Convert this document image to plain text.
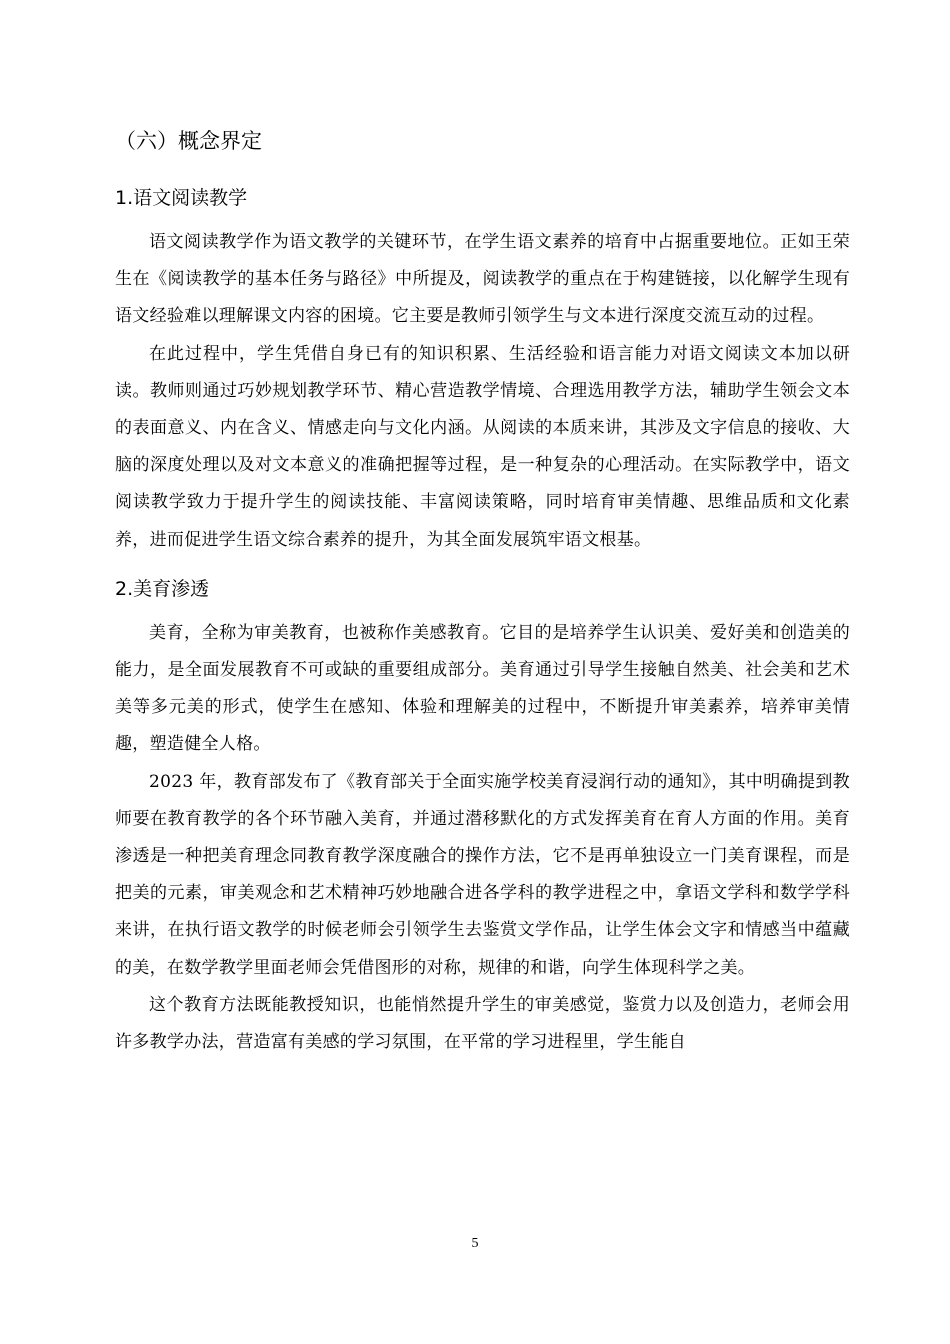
（六）概念界定
1.语文阅读教学

语文阅读教学作为语文教学的关键环节，在学生语文素养的培育中占据重要地位。正如王荣生在《阅读教学的基本任务与路径》中所提及，阅读教学的重点在于构建链接，以化解学生现有语文经验难以理解课文内容的困境。它主要是教师引领学生与文本进行深度交流互动的过程。

在此过程中，学生凭借自身已有的知识积累、生活经验和语言能力对语文阅读文本加以研读。教师则通过巧妙规划教学环节、精心营造教学情境、合理选用教学方法，辅助学生领会文本的表面意义、内在含义、情感走向与文化内涵。从阅读的本质来讲，其涉及文字信息的接收、大脑的深度处理以及对文本意义的准确把握等过程，是一种复杂的心理活动。在实际教学中，语文阅读教学致力于提升学生的阅读技能、丰富阅读策略，同时培育审美情趣、思维品质和文化素养，进而促进学生语文综合素养的提升，为其全面发展筑牢语文根基。

2.美育渗透

美育，全称为审美教育，也被称作美感教育。它目的是培养学生认识美、爱好美和创造美的能力，是全面发展教育不可或缺的重要组成部分。美育通过引导学生接触自然美、社会美和艺术美等多元美的形式，使学生在感知、体验和理解美的过程中，不断提升审美素养，培养审美情趣，塑造健全人格。

2023 年，教育部发布了《教育部关于全面实施学校美育浸润行动的通知》，其中明确提到教师要在教育教学的各个环节融入美育，并通过潜移默化的方式发挥美育在育人方面的作用。美育渗透是一种把美育理念同教育教学深度融合的操作方法，它不是再单独设立一门美育课程，而是把美的元素，审美观念和艺术精神巧妙地融合进各学科的教学进程之中，拿语文学科和数学学科来讲，在执行语文教学的时候老师会引领学生去鉴赏文学作品，让学生体会文字和情感当中蕴藏的美，在数学教学里面老师会凭借图形的对称，规律的和谐，向学生体现科学之美。

这个教育方法既能教授知识，也能悄然提升学生的审美感觉，鉴赏力以及创造力，老师会用许多教学办法，营造富有美感的学习氛围，在平常的学习进程里，学生能自

5
